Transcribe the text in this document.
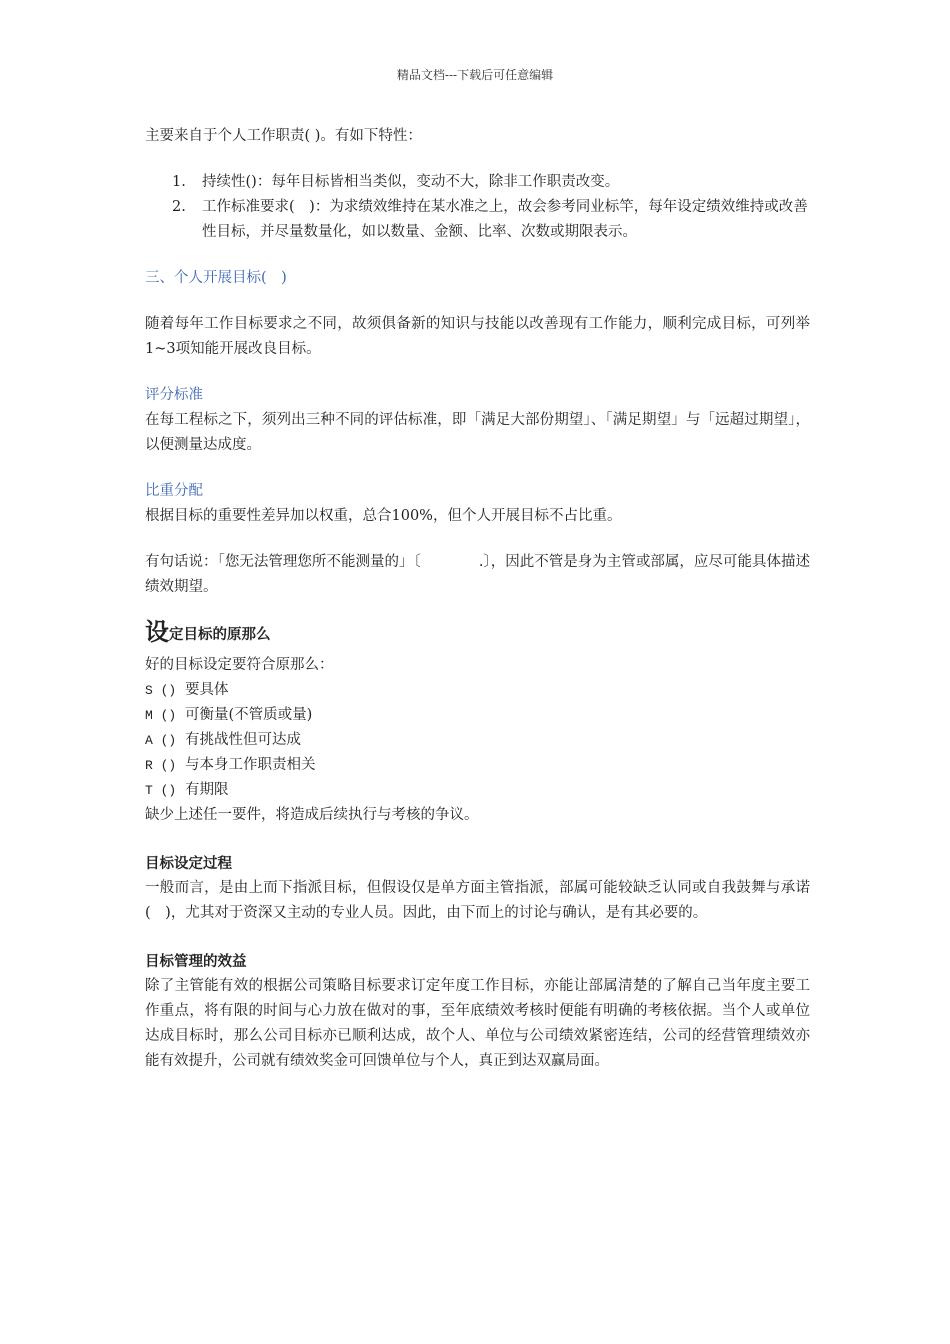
精品文档---下载后可任意编辑

主要来自于个人工作职责( )。有如下特性：

1. 持续性()：每年目标皆相当类似，变动不大，除非工作职责改变。
2. 工作标准要求(　)：为求绩效维持在某水准之上，故会参考同业标竿，每年设定绩效维持或改善性目标，并尽量数量化，如以数量、金额、比率、次数或期限表示。

三、个人开展目标(　)

随着每年工作目标要求之不同，故须俱备新的知识与技能以改善现有工作能力，顺利完成目标，可列举1~3项知能开展改良目标。

评分标准

在每工程标之下，须列出三种不同的评估标准，即「满足大部份期望」、「满足期望」与「远超过期望」，以便测量达成度。

比重分配

根据目标的重要性差异加以权重，总合100%，但个人开展目标不占比重。

有句话说：「您无法管理您所不能测量的」〔　　　　.〕，因此不管是身为主管或部属，应尽可能具体描述绩效期望。

设定目标的原那么

好的目标设定要符合原那么：

S () 要具体

M () 可衡量(不管质或量)

A () 有挑战性但可达成

R () 与本身工作职责相关

T () 有期限

缺少上述任一要件，将造成后续执行与考核的争议。

目标设定过程

一般而言，是由上而下指派目标，但假设仅是单方面主管指派，部属可能较缺乏认同或自我鼓舞与承诺(　)，尤其对于资深又主动的专业人员。因此，由下而上的讨论与确认，是有其必要的。

目标管理的效益

除了主管能有效的根据公司策略目标要求订定年度工作目标，亦能让部属清楚的了解自己当年度主要工作重点，将有限的时间与心力放在做对的事，至年底绩效考核时便能有明确的考核依据。当个人或单位达成目标时，那么公司目标亦已顺利达成，故个人、单位与公司绩效紧密连结，公司的经营管理绩效亦能有效提升，公司就有绩效奖金可回馈单位与个人，真正到达双赢局面。
